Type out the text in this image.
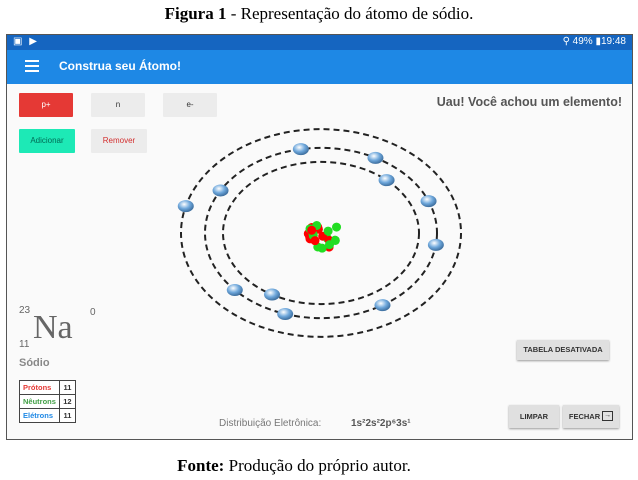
Figura 1 - Representação do átomo de sódio.
▣ ▶	⚲ 49% ▮19:48
Construa seu Átomo!
p+	n	e-
Adicionar	Remover
Uau! Você achou um elemento!
23 Na 0
11
Sódio
Prótons	11
Nêutrons	12
Elétrons	11
Distribuição Eletrônica:	1s²2s²2p⁶3s¹
TABELA DESATIVADA
LIMPAR	FECHAR →
Fonte: Produção do próprio autor.
